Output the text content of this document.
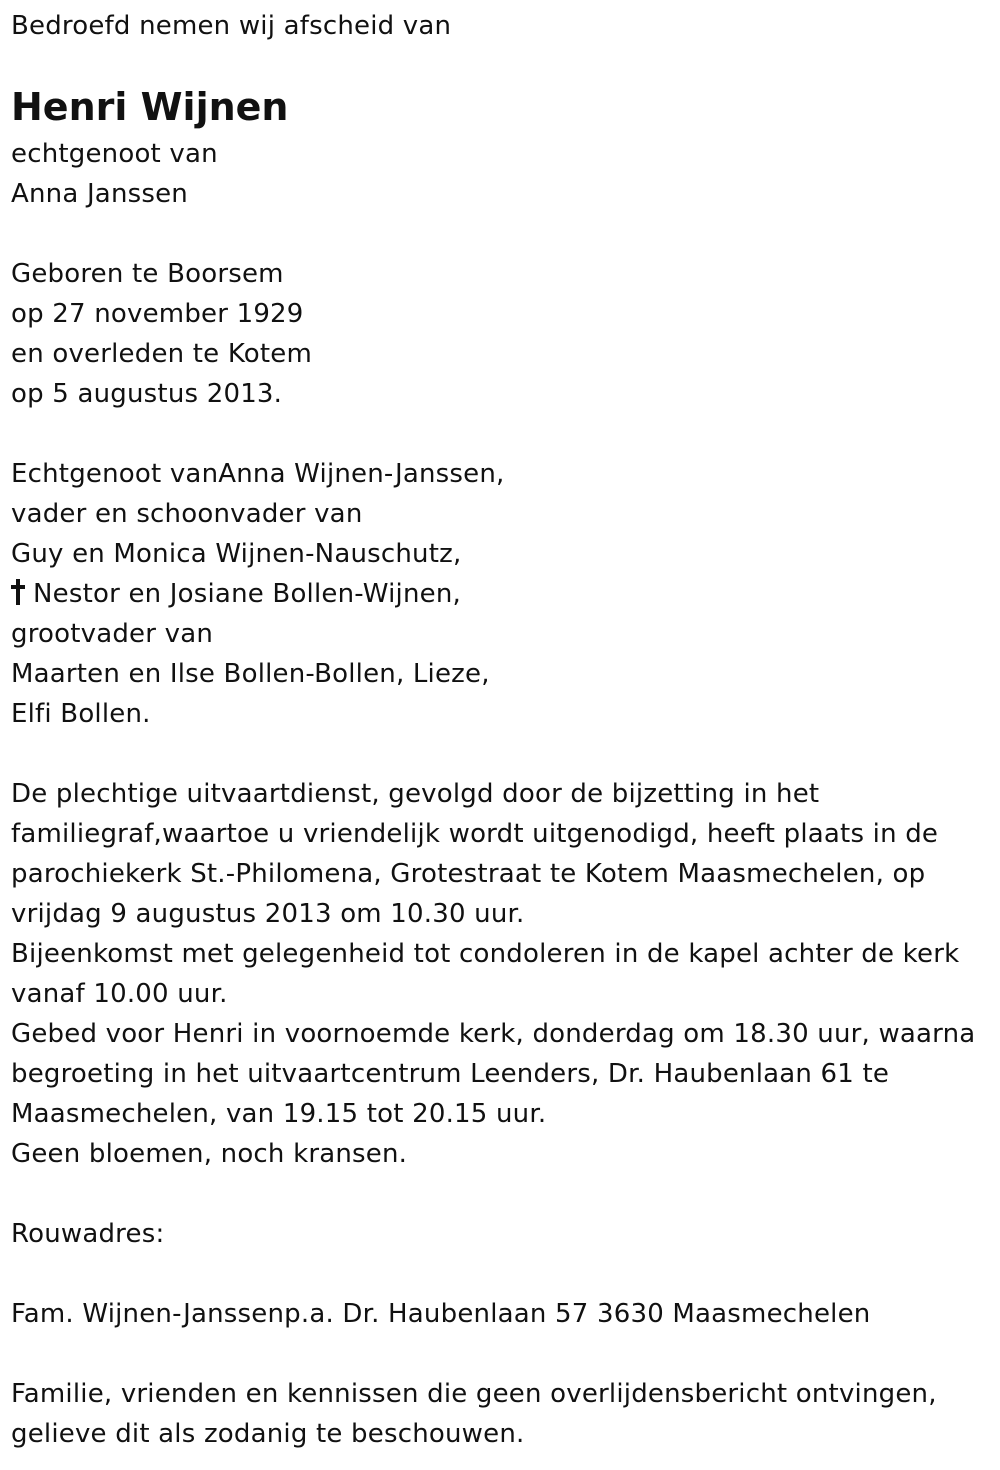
Bedroefd nemen wij afscheid van
Henri Wijnen
echtgenoot van
Anna Janssen
Geboren te Boorsem
op 27 november 1929
en overleden te Kotem
op 5 augustus 2013.
Echtgenoot vanAnna Wijnen-Janssen,
vader en schoonvader van
Guy en Monica Wijnen-Nauschutz,
Nestor en Josiane Bollen-Wijnen,
grootvader van
Maarten en Ilse Bollen-Bollen, Lieze,
Elfi Bollen.
De plechtige uitvaartdienst, gevolgd door de bijzetting in het
familiegraf,waartoe u vriendelijk wordt uitgenodigd, heeft plaats in de
parochiekerk St.-Philomena, Grotestraat te Kotem Maasmechelen, op
vrijdag 9 augustus 2013 om 10.30 uur.
Bijeenkomst met gelegenheid tot condoleren in de kapel achter de kerk
vanaf 10.00 uur.
Gebed voor Henri in voornoemde kerk, donderdag om 18.30 uur, waarna
begroeting in het uitvaartcentrum Leenders, Dr. Haubenlaan 61 te
Maasmechelen, van 19.15 tot 20.15 uur.
Geen bloemen, noch kransen.
Rouwadres:
Fam. Wijnen-Janssenp.a. Dr. Haubenlaan 57 3630 Maasmechelen
Familie, vrienden en kennissen die geen overlijdensbericht ontvingen,
gelieve dit als zodanig te beschouwen.
